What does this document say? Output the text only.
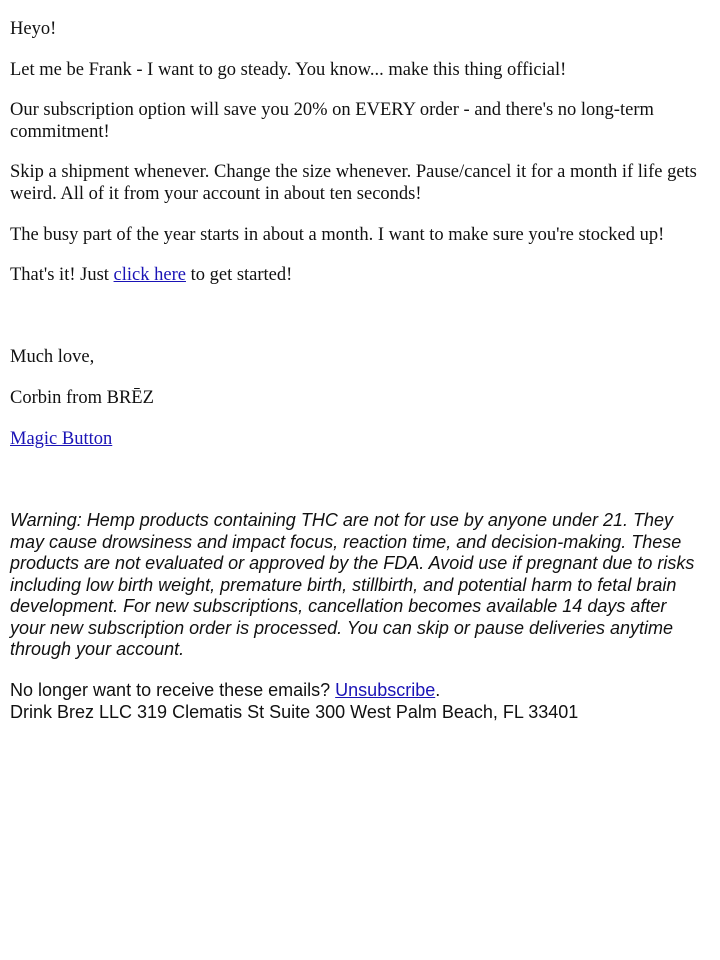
Heyo!

Let me be Frank - I want to go steady. You know... make this thing official!

Our subscription option will save you 20% on EVERY order - and there's no long-term commitment!

Skip a shipment whenever. Change the size whenever. Pause/cancel it for a month if life gets weird. All of it from your account in about ten seconds!

The busy part of the year starts in about a month. I want to make sure you're stocked up!

That's it! Just click here to get started!

Much love,

Corbin from BRĒZ

Magic Button

Warning: Hemp products containing THC are not for use by anyone under 21. They may cause drowsiness and impact focus, reaction time, and decision-making. These products are not evaluated or approved by the FDA. Avoid use if pregnant due to risks including low birth weight, premature birth, stillbirth, and potential harm to fetal brain development. For new subscriptions, cancellation becomes available 14 days after your new subscription order is processed. You can skip or pause deliveries anytime through your account.

No longer want to receive these emails? Unsubscribe.
Drink Brez LLC 319 Clematis St Suite 300 West Palm Beach, FL 33401
